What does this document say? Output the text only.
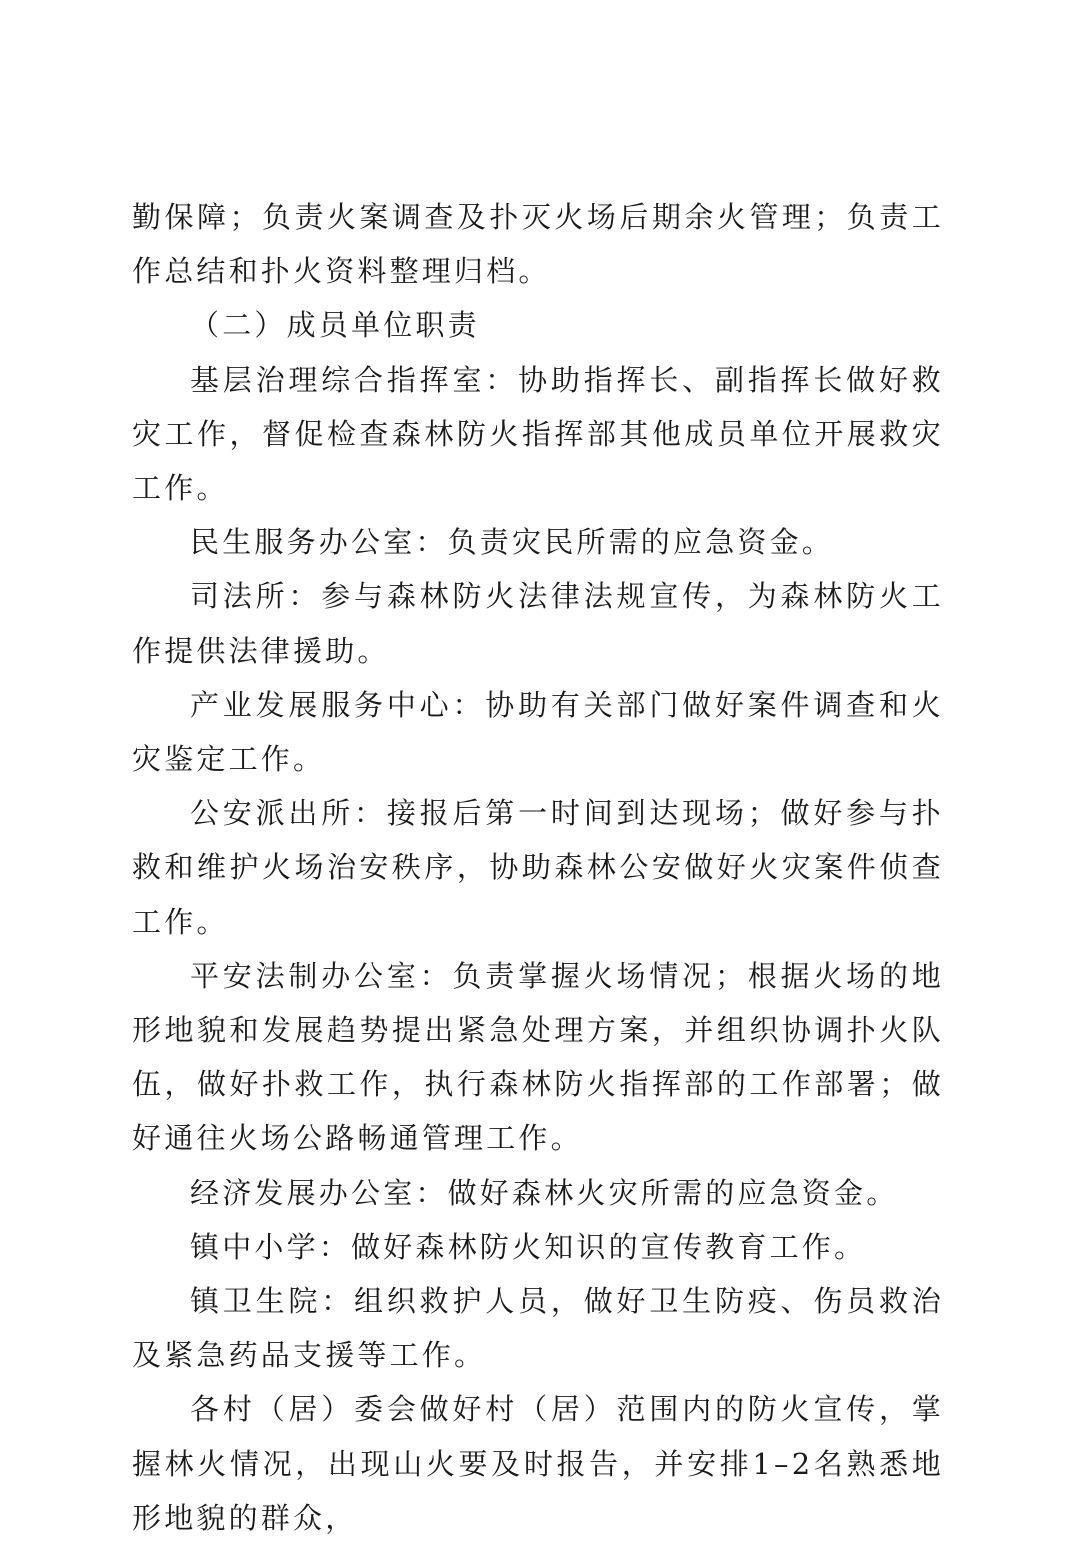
勤保障；负责火案调查及扑灭火场后期余火管理；负责工作总结和扑火资料整理归档。

（二）成员单位职责

基层治理综合指挥室：协助指挥长、副指挥长做好救灾工作，督促检查森林防火指挥部其他成员单位开展救灾工作。

民生服务办公室：负责灾民所需的应急资金。

司法所：参与森林防火法律法规宣传，为森林防火工作提供法律援助。

产业发展服务中心：协助有关部门做好案件调查和火灾鉴定工作。

公安派出所：接报后第一时间到达现场；做好参与扑救和维护火场治安秩序，协助森林公安做好火灾案件侦查工作。

平安法制办公室：负责掌握火场情况；根据火场的地形地貌和发展趋势提出紧急处理方案，并组织协调扑火队伍，做好扑救工作，执行森林防火指挥部的工作部署；做好通往火场公路畅通管理工作。

经济发展办公室：做好森林火灾所需的应急资金。

镇中小学：做好森林防火知识的宣传教育工作。

镇卫生院：组织救护人员，做好卫生防疫、伤员救治及紧急药品支援等工作。

各村（居）委会做好村（居）范围内的防火宣传，掌握林火情况，出现山火要及时报告，并安排1–2名熟悉地形地貌的群众，
